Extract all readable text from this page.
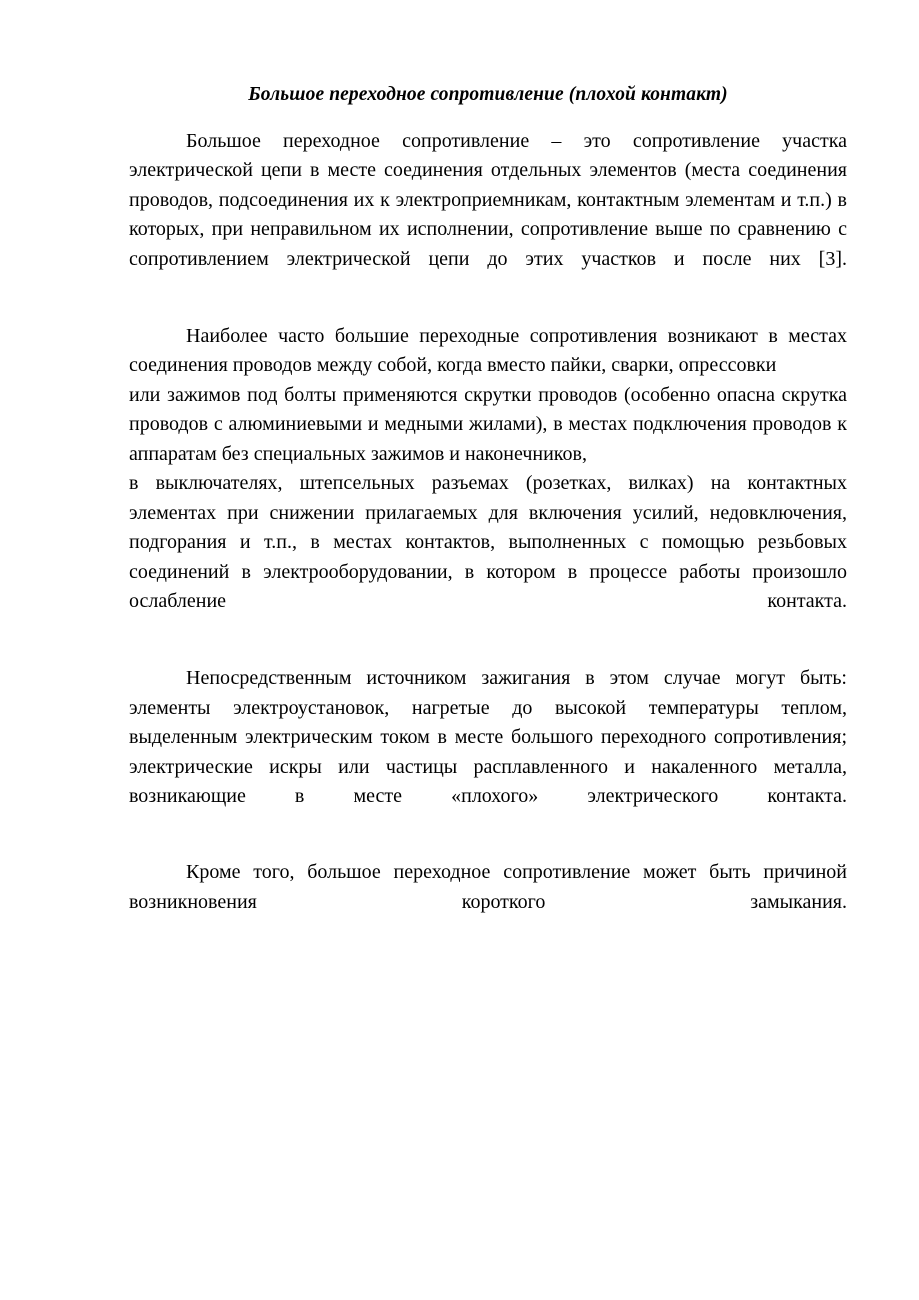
Большое переходное сопротивление (плохой контакт)

Большое переходное сопротивление – это сопротивление участка электрической цепи в месте соединения отдельных элементов (места соединения проводов, подсоединения их к электроприемникам, контактным элементам и т.п.) в которых, при неправильном их исполнении, сопротивление выше по сравнению с сопротивлением электрической цепи до этих участков и после них [3].

Наиболее часто большие переходные сопротивления возникают в местах соединения проводов между собой, когда вместо пайки, сварки, опрессовки

или зажимов под болты применяются скрутки проводов (особенно опасна скрутка проводов с алюминиевыми и медными жилами), в местах подключения проводов к аппаратам без специальных зажимов и наконечников,

в выключателях, штепсельных разъемах (розетках, вилках) на контактных элементах при снижении прилагаемых для включения усилий, недовключения, подгорания и т.п., в местах контактов, выполненных с помощью резьбовых соединений в электрооборудовании, в котором в процессе работы произошло ослабление контакта.

Непосредственным источником зажигания в этом случае могут быть: элементы электроустановок, нагретые до высокой температуры теплом, выделенным электрическим током в месте большого переходного сопротивления; электрические искры или частицы расплавленного и накаленного металла, возникающие в месте «плохого» электрического контакта.

Кроме того, большое переходное сопротивление может быть причиной возникновения короткого замыкания.
